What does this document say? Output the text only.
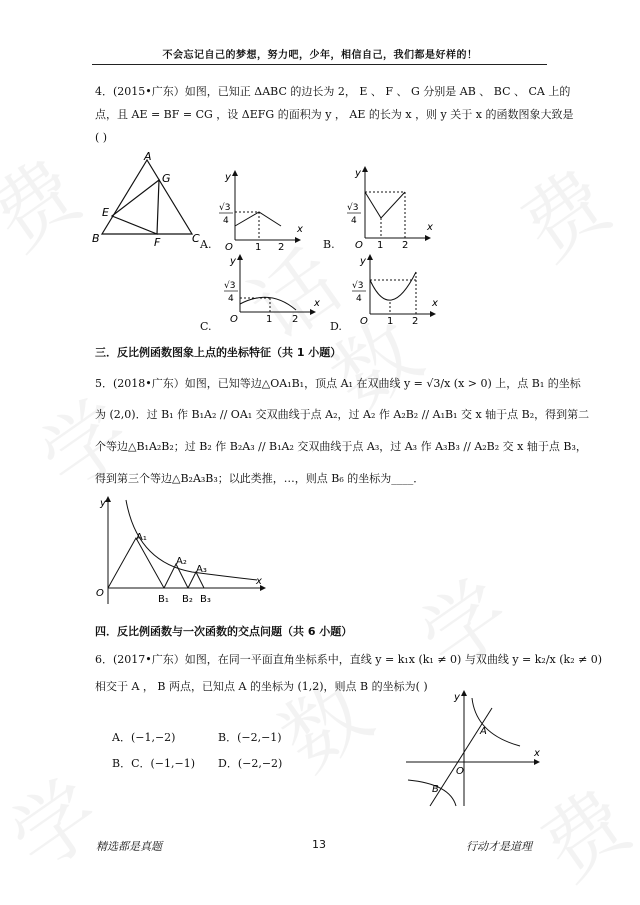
不会忘记自己的梦想，努力吧，少年，相信自己，我们都是好样的！
4．(2015•广东）如图，已知正 ΔABC 的边长为 2， E 、 F 、 G 分别是 AB 、 BC 、 CA 上的
点，且 AE = BF = CG ，设 ΔEFG 的面积为 y ， AE 的长为 x ，则 y 关于 x 的函数图象大致是
( )
A
B	C
E
F
G	y
x
O 1 2
√3
4
A.
y
x
O 1 2
√3
4
B.
y
x
O	1 2
√3
4
C.
y
x
O 1 2
√3
4
D.
三．反比例函数图象上点的坐标特征（共 1 小题）
5．(2018•广东）如图，已知等边△OA₁B₁，顶点 A₁ 在双曲线 y = √3/x (x > 0) 上，点 B₁ 的坐标
为 (2,0)．过 B₁ 作 B₁A₂ // OA₁ 交双曲线于点 A₂，过 A₂ 作 A₂B₂ // A₁B₁ 交 x 轴于点 B₂，得到第二
个等边△B₁A₂B₂；过 B₂ 作 B₂A₃ // B₁A₂ 交双曲线于点 A₃，过 A₃ 作 A₃B₃ // A₂B₂ 交 x 轴于点 B₃，
得到第三个等边△B₂A₃B₃；以此类推，…，则点 B₆ 的坐标为____．
y
x
O
A₁
A₂
A₃
B₁ B₂ B₃
四．反比例函数与一次函数的交点问题（共 6 小题）
6．(2017•广东）如图，在同一平面直角坐标系中，直线 y = k₁x (k₁ ≠ 0) 与双曲线 y = k₂/x (k₂ ≠ 0)
相交于 A ， B 两点，已知点 A 的坐标为 (1,2)，则点 B 的坐标为( )
A．(−1,−2)	B．(−2,−1)
B．C．(−1,−1) D．(−2,−2)
y
x
O
A
B
精选都是真题	13	行动才是道理
